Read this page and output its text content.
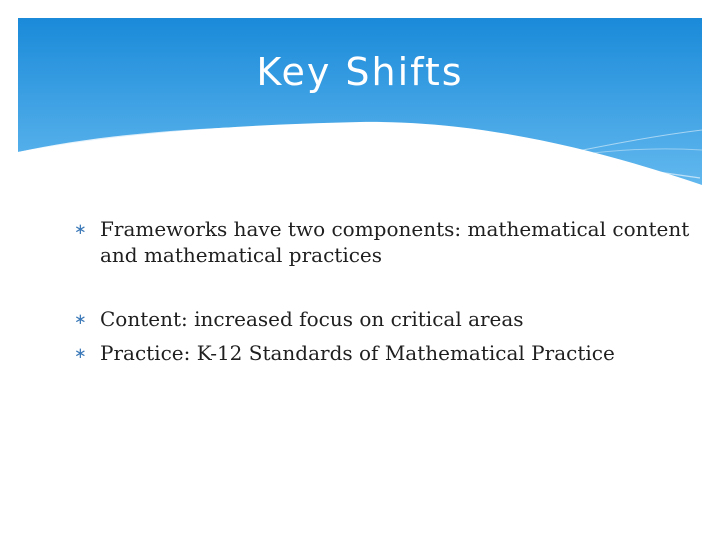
Key Shifts
∗ Frameworks have two components: mathematical content and mathematical practices
∗ Content: increased focus on critical areas
∗ Practice: K-12 Standards of Mathematical Practice
